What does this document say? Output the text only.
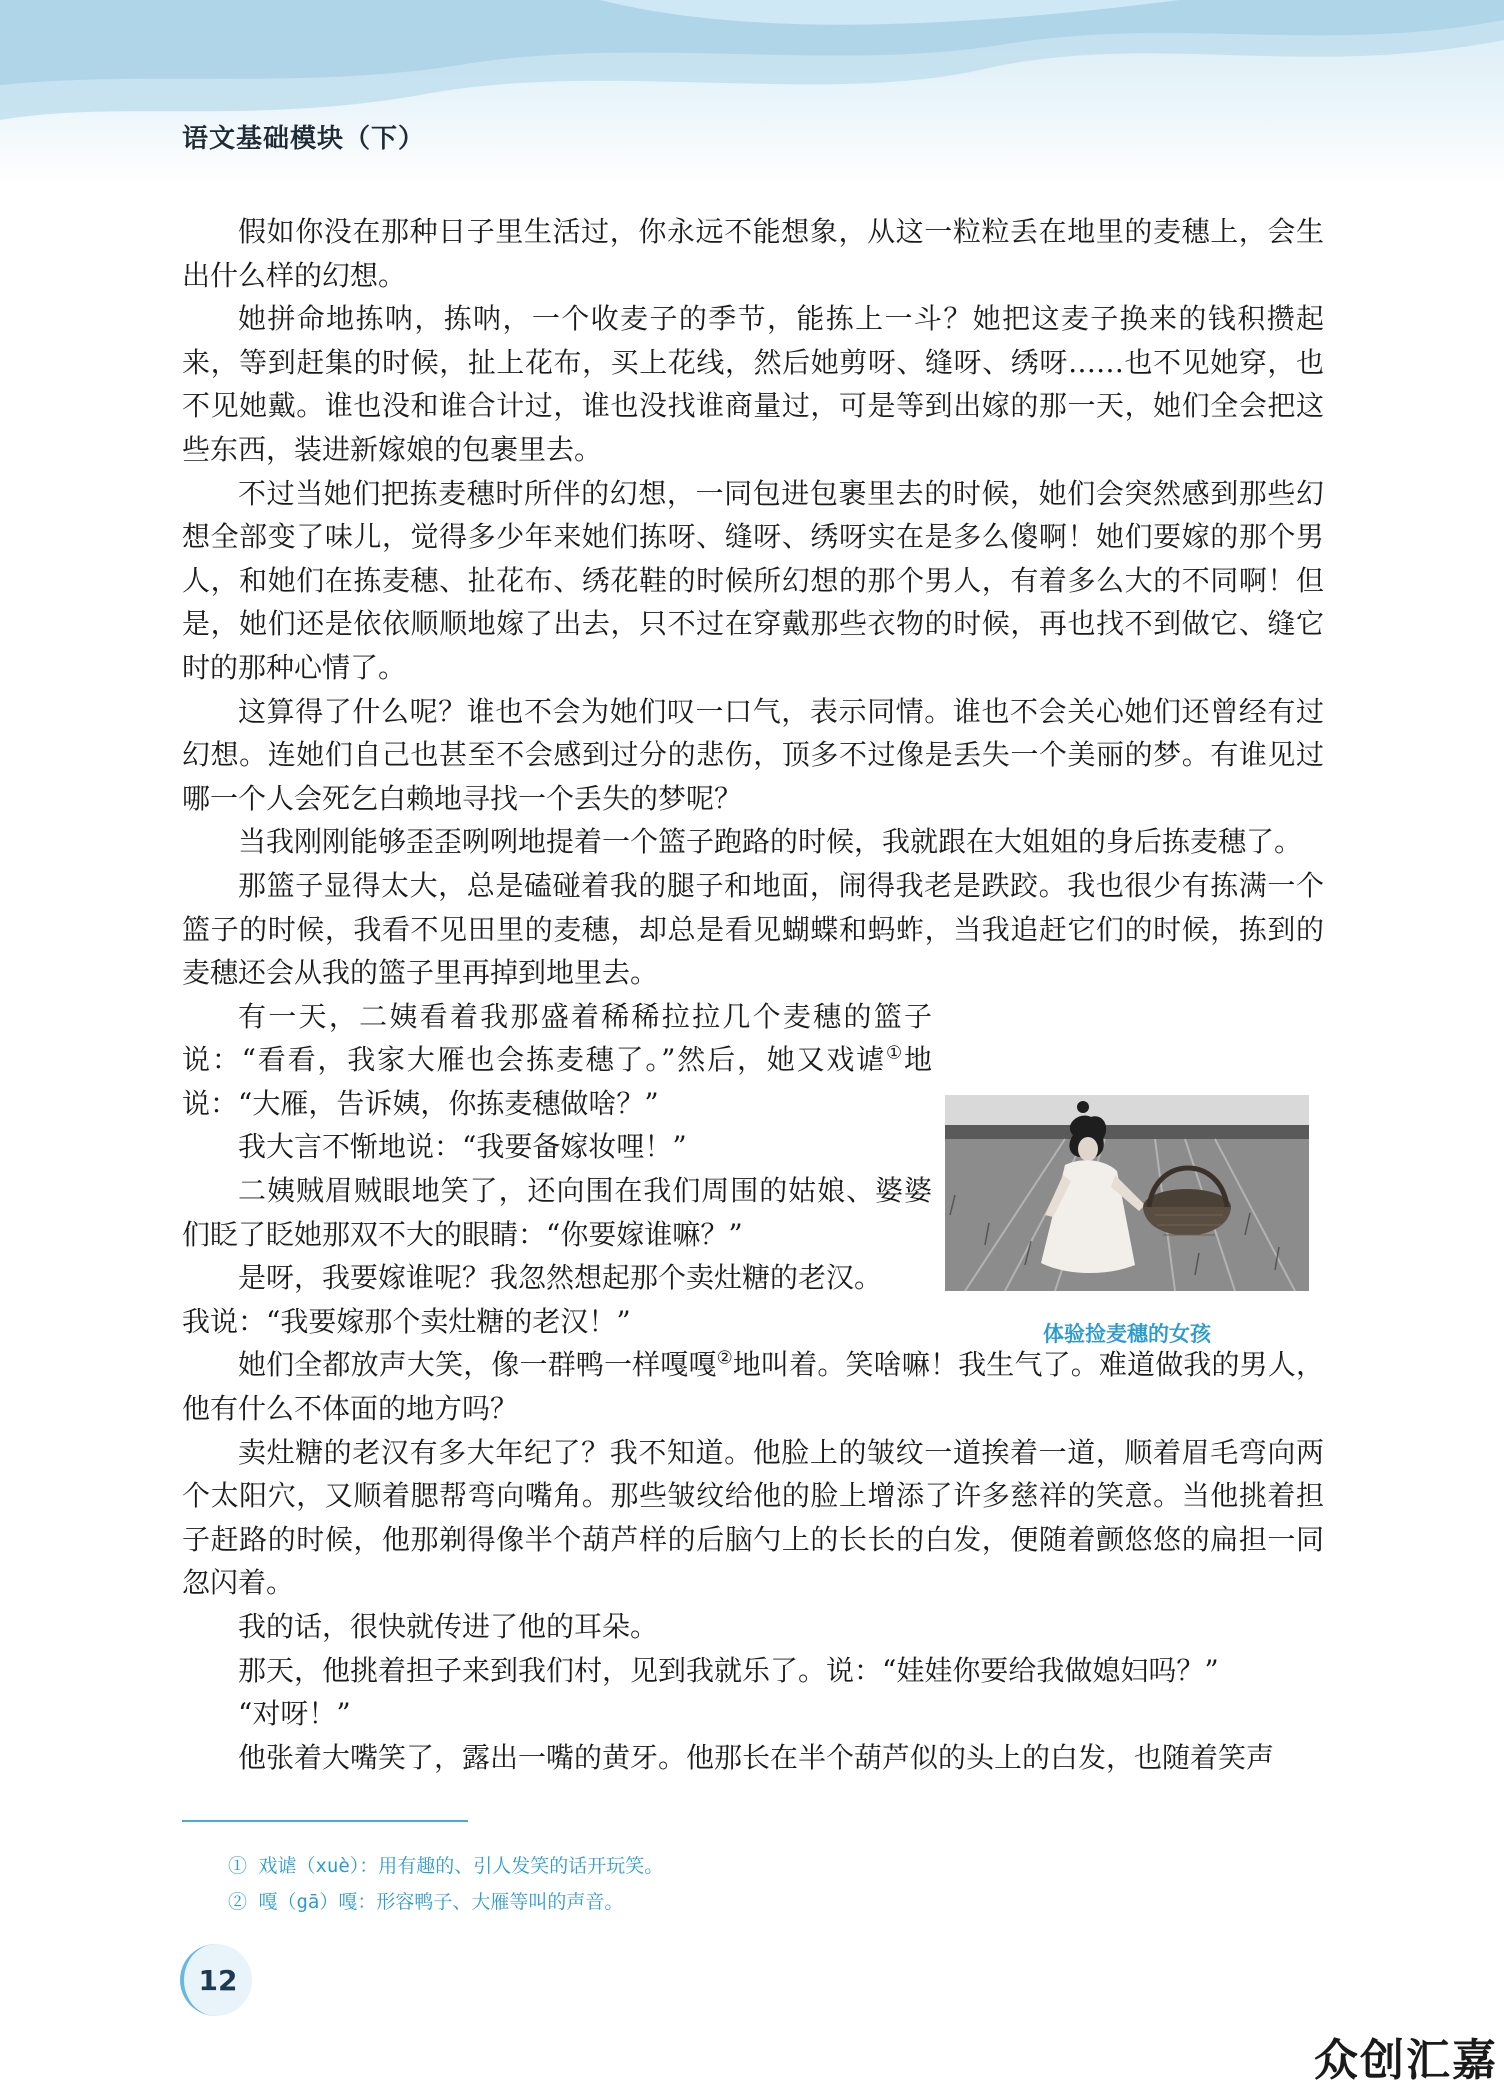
语文基础模块（下）

假如你没在那种日子里生活过，你永远不能想象，从这一粒粒丢在地里的麦穗上，会生出什么样的幻想。

她拼命地拣呐，拣呐，一个收麦子的季节，能拣上一斗？她把这麦子换来的钱积攒起来，等到赶集的时候，扯上花布，买上花线，然后她剪呀、缝呀、绣呀……也不见她穿，也不见她戴。谁也没和谁合计过，谁也没找谁商量过，可是等到出嫁的那一天，她们全会把这些东西，装进新嫁娘的包裹里去。

不过当她们把拣麦穗时所伴的幻想，一同包进包裹里去的时候，她们会突然感到那些幻想全部变了味儿，觉得多少年来她们拣呀、缝呀、绣呀实在是多么傻啊！她们要嫁的那个男人，和她们在拣麦穗、扯花布、绣花鞋的时候所幻想的那个男人，有着多么大的不同啊！但是，她们还是依依顺顺地嫁了出去，只不过在穿戴那些衣物的时候，再也找不到做它、缝它时的那种心情了。

这算得了什么呢？谁也不会为她们叹一口气，表示同情。谁也不会关心她们还曾经有过幻想。连她们自己也甚至不会感到过分的悲伤，顶多不过像是丢失一个美丽的梦。有谁见过哪一个人会死乞白赖地寻找一个丢失的梦呢？

当我刚刚能够歪歪咧咧地提着一个篮子跑路的时候，我就跟在大姐姐的身后拣麦穗了。

那篮子显得太大，总是磕碰着我的腿子和地面，闹得我老是跌跤。我也很少有拣满一个篮子的时候，我看不见田里的麦穗，却总是看见蝴蝶和蚂蚱，当我追赶它们的时候，拣到的麦穗还会从我的篮子里再掉到地里去。

有一天，二姨看着我那盛着稀稀拉拉几个麦穗的篮子说：“看看，我家大雁也会拣麦穗了。”然后，她又戏谑①地说：“大雁，告诉姨，你拣麦穗做啥？”

我大言不惭地说：“我要备嫁妆哩！”

二姨贼眉贼眼地笑了，还向围在我们周围的姑娘、婆婆们眨了眨她那双不大的眼睛：“你要嫁谁嘛？”

是呀，我要嫁谁呢？我忽然想起那个卖灶糖的老汉。

我说：“我要嫁那个卖灶糖的老汉！”

她们全都放声大笑，像一群鸭一样嘎嘎②地叫着。笑啥嘛！我生气了。难道做我的男人，他有什么不体面的地方吗？

卖灶糖的老汉有多大年纪了？我不知道。他脸上的皱纹一道挨着一道，顺着眉毛弯向两个太阳穴，又顺着腮帮弯向嘴角。那些皱纹给他的脸上增添了许多慈祥的笑意。当他挑着担子赶路的时候，他那剃得像半个葫芦样的后脑勺上的长长的白发，便随着颤悠悠的扁担一同忽闪着。

我的话，很快就传进了他的耳朵。

那天，他挑着担子来到我们村，见到我就乐了。说：“娃娃你要给我做媳妇吗？”

“对呀！”

他张着大嘴笑了，露出一嘴的黄牙。他那长在半个葫芦似的头上的白发，也随着笑声

体验捡麦穗的女孩
① 戏谑（xuè）：用有趣的、引人发笑的话开玩笑。
② 嘎（gā）嘎：形容鸭子、大雁等叫的声音。
12
众创汇嘉
